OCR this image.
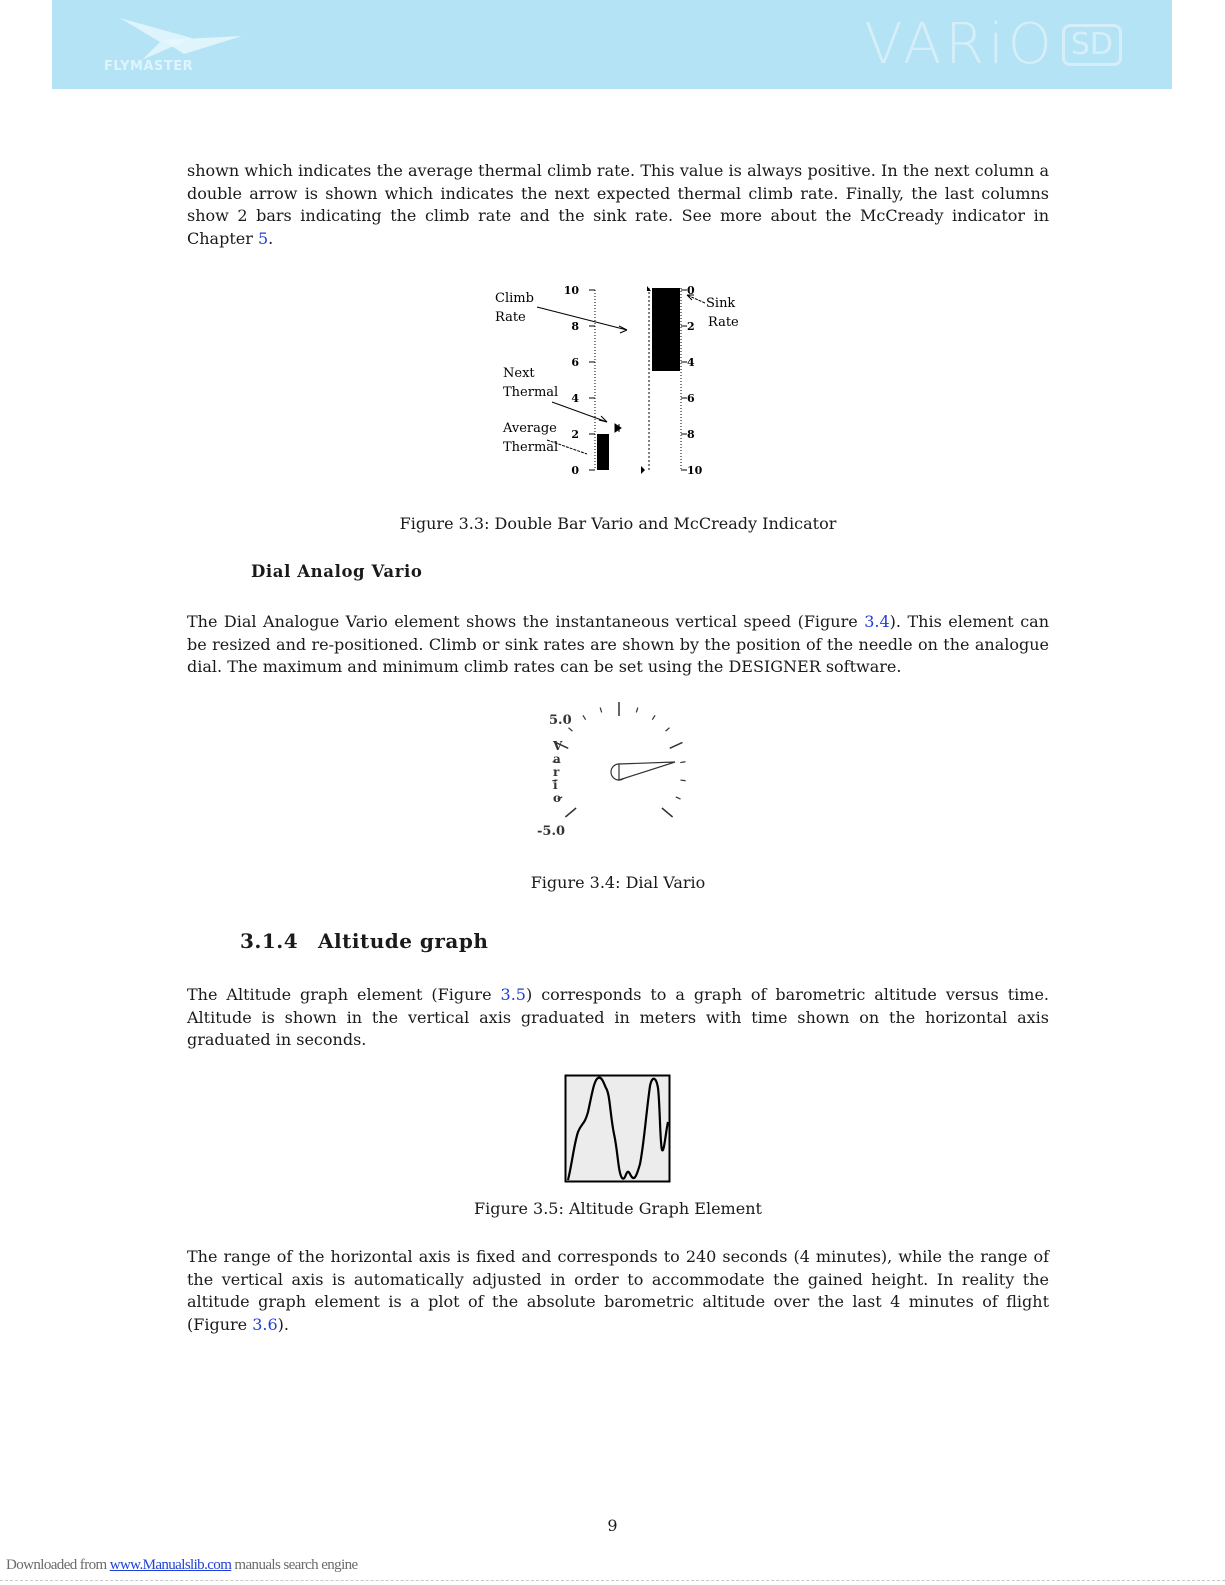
FLYMASTER	VARiO SD

shown which indicates the average thermal climb rate. This value is always positive. In the next column a double arrow is shown which indicates the next expected thermal climb rate. Finally, the last columns show 2 bars indicating the climb rate and the sink rate. See more about the McCready indicator in Chapter 5.

Climb
Rate
Next
Thermal
Average
Thermal
10
8
6
4
2
0
0
2
4
6
8
10
Sink
Rate
Figure 3.3: Double Bar Vario and McCready Indicator
Dial Analog Vario

The Dial Analogue Vario element shows the instantaneous vertical speed (Figure 3.4). This element can be resized and re-positioned. Climb or sink rates are shown by the position of the needle on the analogue dial. The maximum and minimum climb rates can be set using the DESIGNER software.

5.0
-5.0
V
a
r
i
o
Figure 3.4: Dial Vario
3.1.4 Altitude graph

The Altitude graph element (Figure 3.5) corresponds to a graph of barometric altitude versus time. Altitude is shown in the vertical axis graduated in meters with time shown on the horizontal axis graduated in seconds.

Figure 3.5: Altitude Graph Element

The range of the horizontal axis is fixed and corresponds to 240 seconds (4 minutes), while the range of the vertical axis is automatically adjusted in order to accommodate the gained height. In reality the altitude graph element is a plot of the absolute barometric altitude over the last 4 minutes of flight (Figure 3.6).

9
Downloaded from www.Manualslib.com manuals search engine
